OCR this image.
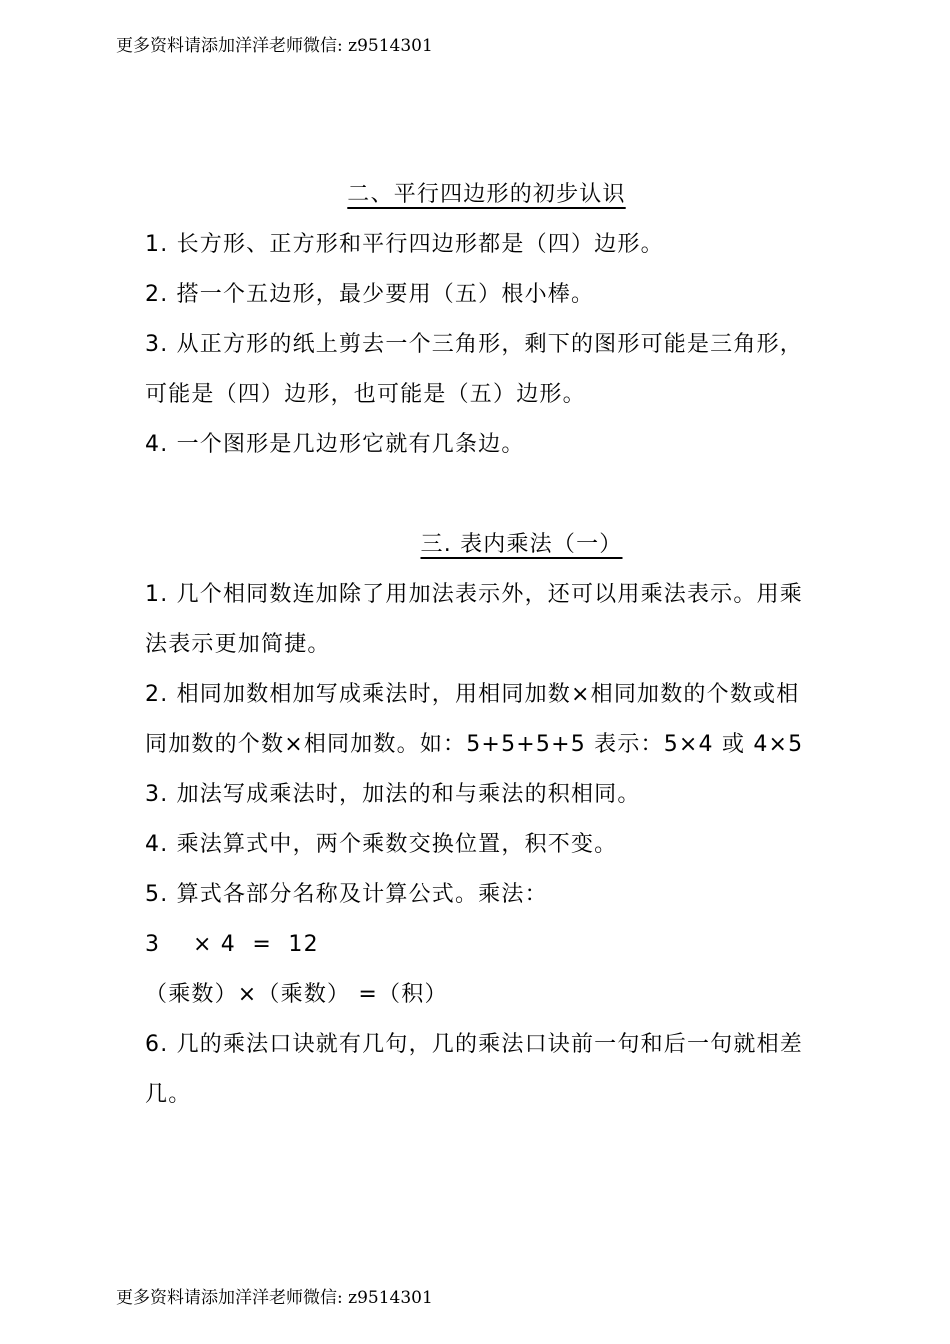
更多资料请添加洋洋老师微信: z9514301
二、平行四边形的初步认识

1. 长方形、正方形和平行四边形都是（四）边形。

2. 搭一个五边形，最少要用（五）根小棒。

3. 从正方形的纸上剪去一个三角形，剩下的图形可能是三角形，可能是（四）边形，也可能是（五）边形。

4. 一个图形是几边形它就有几条边。

三. 表内乘法（一）

1. 几个相同数连加除了用加法表示外，还可以用乘法表示。用乘法表示更加简捷。

2. 相同加数相加写成乘法时，用相同加数×相同加数的个数或相同加数的个数×相同加数。如：5+5+5+5 表示：5×4 或 4×5

3. 加法写成乘法时，加法的和与乘法的积相同。

4. 乘法算式中，两个乘数交换位置，积不变。

5. 算式各部分名称及计算公式。乘法：

3    × 4  =  12

（乘数）×（乘数） =（积）

6. 几的乘法口诀就有几句，几的乘法口诀前一句和后一句就相差几。

更多资料请添加洋洋老师微信: z9514301
